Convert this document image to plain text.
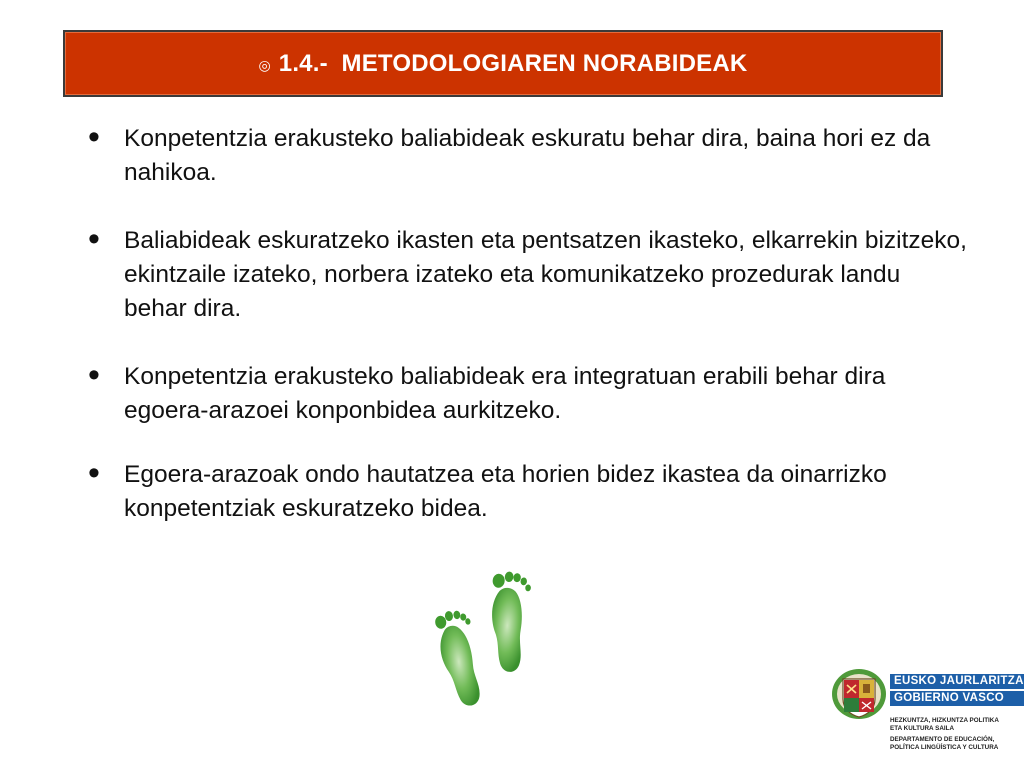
◎ 1.4.-  METODOLOGIAREN NORABIDEAK
• Konpetentzia erakusteko baliabideak eskuratu behar dira, baina hori ez da nahikoa.
• Baliabideak eskuratzeko ikasten eta pentsatzen ikasteko, elkarrekin bizitzeko, ekintzaile izateko, norbera izateko eta komunikatzeko prozedurak landu behar dira.
• Konpetentzia erakusteko baliabideak era integratuan erabili behar dira egoera-arazoei konponbidea aurkitzeko.
• Egoera-arazoak ondo hautatzea eta horien bidez ikastea da oinarrizko konpetentziak eskuratzeko bidea.
EUSKO JAURLARITZA
GOBIERNO VASCO
HEZKUNTZA, HIZKUNTZA POLITIKA
ETA KULTURA SAILA
DEPARTAMENTO DE EDUCACIÓN,
POLÍTICA LINGÜÍSTICA Y CULTURA
